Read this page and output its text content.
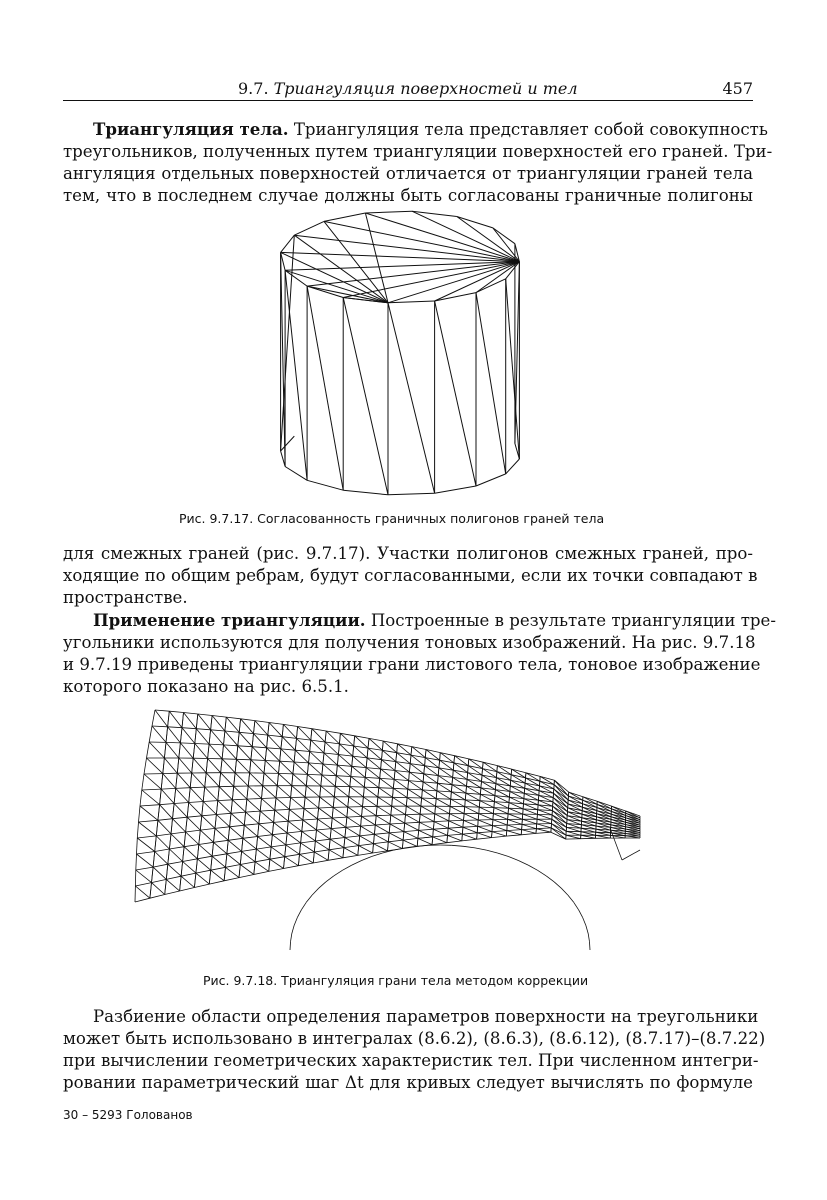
9.7. Триангуляция поверхностей и тел	457
Триангуляция тела. Триангуляция тела представляет собой совокупность
треугольников, полученных путем триангуляции поверхностей его граней. Три-
ангуляция отдельных поверхностей отличается от триангуляции граней тела
тем, что в последнем случае должны быть согласованы граничные полигоны
Рис. 9.7.17. Согласованность граничных полигонов граней тела
для смежных граней (рис. 9.7.17). Участки полигонов смежных граней, про-
ходящие по общим ребрам, будут согласованными, если их точки совпадают в
пространстве.
Применение триангуляции. Построенные в результате триангуляции тре-
угольники используются для получения тоновых изображений. На рис. 9.7.18
и 9.7.19 приведены триангуляции грани листового тела, тоновое изображение
которого показано на рис. 6.5.1.
Рис. 9.7.18. Триангуляция грани тела методом коррекции
Разбиение области определения параметров поверхности на треугольники
может быть использовано в интегралах (8.6.2), (8.6.3), (8.6.12), (8.7.17)–(8.7.22)
при вычислении геометрических характеристик тел. При численном интегри-
ровании параметрический шаг Δt для кривых следует вычислять по формуле
30 – 5293 Голованов
